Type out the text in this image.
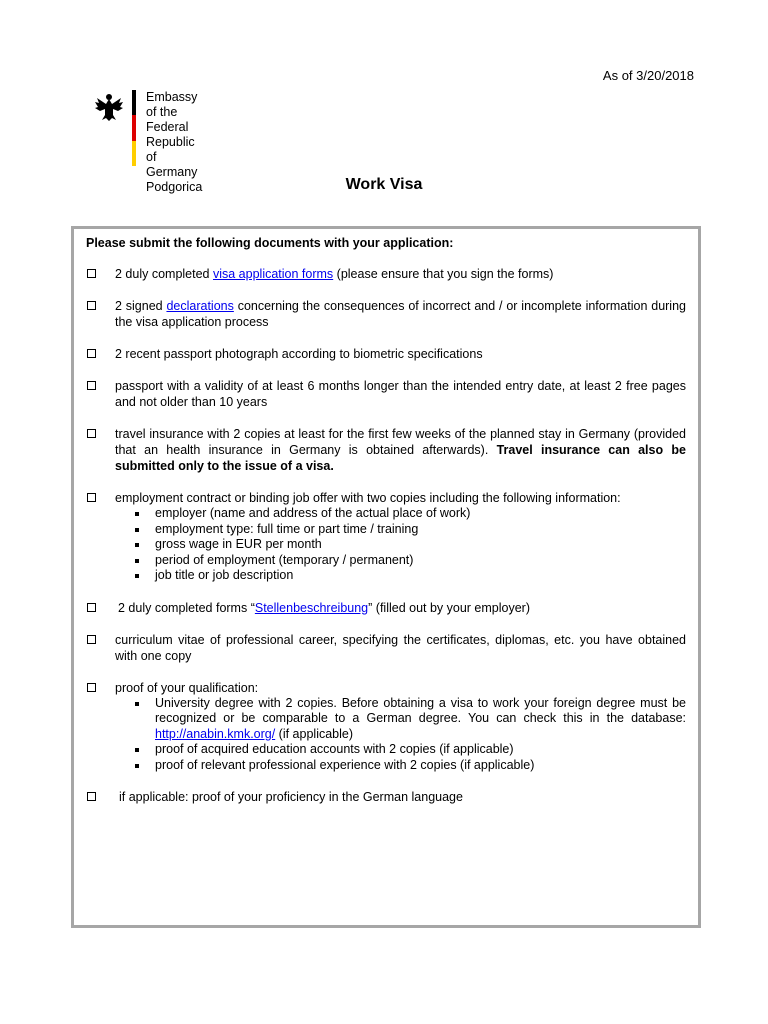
As of 3/20/2018
Embassy
of the Federal Republic of Germany
Podgorica	Work Visa
Please submit the following documents with your application:
2 duly completed visa application forms (please ensure that you sign the forms)
2 signed declarations concerning the consequences of incorrect and / or incomplete information during the visa application process
2 recent passport photograph according to biometric specifications
passport with a validity of at least 6 months longer than the intended entry date, at least 2 free pages and not older than 10 years
travel insurance with 2 copies at least for the first few weeks of the planned stay in Germany (provided that an health insurance in Germany is obtained afterwards). Travel insurance can also be submitted only to the issue of a visa.
employment contract or binding job offer with two copies including the following information:
employer (name and address of the actual place of work)
employment type: full time or part time / training
gross wage in EUR per month
period of employment (temporary / permanent)
job title or job description
2 duly completed forms “Stellenbeschreibung” (filled out by your employer)
curriculum vitae of professional career, specifying the certificates, diplomas, etc. you have obtained with one copy
proof of your qualification:
University degree with 2 copies. Before obtaining a visa to work your foreign degree must be recognized or be comparable to a German degree. You can check this in the database: http://anabin.kmk.org/ (if applicable)
proof of acquired education accounts with 2 copies (if applicable)
proof of relevant professional experience with 2 copies (if applicable)
if applicable: proof of your proficiency in the German language
